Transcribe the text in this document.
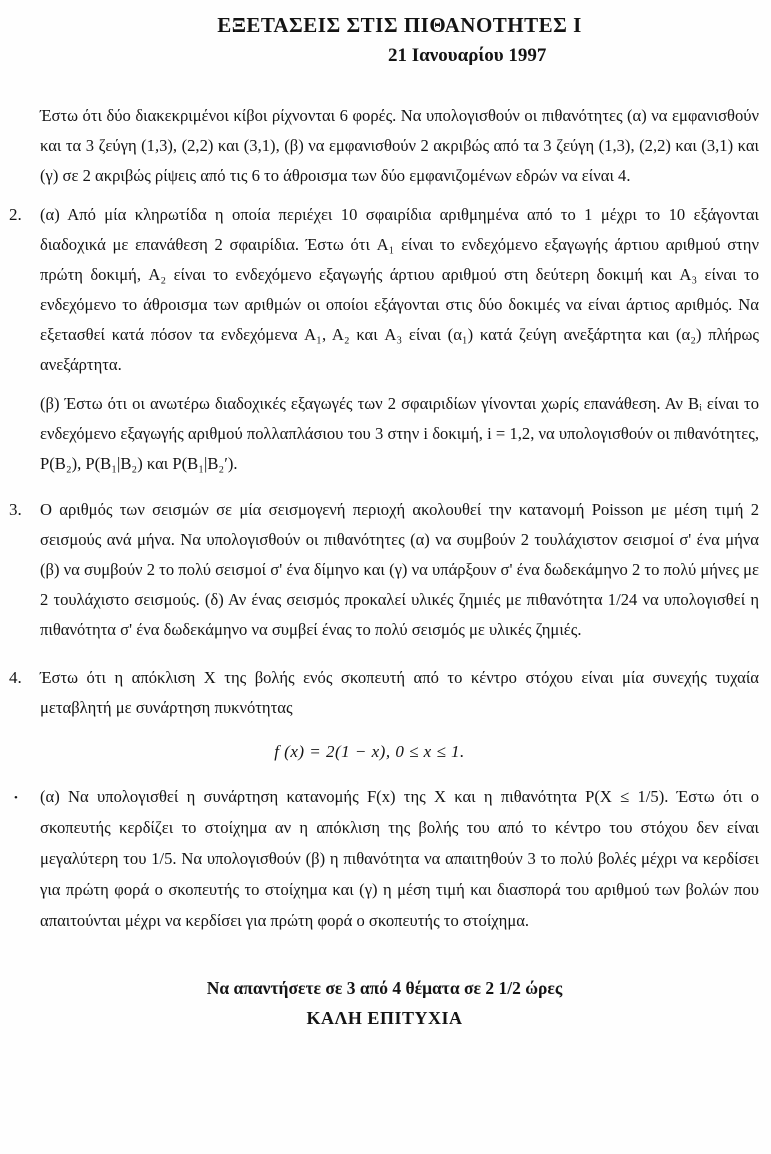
ΕΞΕΤΑΣΕΙΣ ΣΤΙΣ ΠΙΘΑΝΟΤΗΤΕΣ Ι
21 Ιανουαρίου 1997

Έστω ότι δύο διακεκριμένοι κίβοι ρίχνονται 6 φορές. Να υπολογισθούν οι πιθανότητες (α) να εμφανισθούν και τα 3 ζεύγη (1,3), (2,2) και (3,1), (β) να εμφανισθούν 2 ακριβώς από τα 3 ζεύγη (1,3), (2,2) και (3,1) και (γ) σε 2 ακριβώς ρίψεις από τις 6 το άθροισμα των δύο εμφανιζομένων εδρών να είναι 4.

2. (α) Από μία κληρωτίδα η οποία περιέχει 10 σφαιρίδια αριθμημένα από το 1 μέχρι το 10 εξάγονται διαδοχικά με επανάθεση 2 σφαιρίδια. Έστω ότι A₁ είναι το ενδεχόμενο εξαγωγής άρτιου αριθμού στην πρώτη δοκιμή, A₂ είναι το ενδεχόμενο εξαγωγής άρτιου αριθμού στη δεύτερη δοκιμή και A₃ είναι το ενδεχόμενο το άθροισμα των αριθμών οι οποίοι εξάγονται στις δύο δοκιμές να είναι άρτιος αριθμός. Να εξετασθεί κατά πόσον τα ενδεχόμενα A₁, A₂ και A₃ είναι (α₁) κατά ζεύγη ανεξάρτητα και (α₂) πλήρως ανεξάρτητα.

(β) Έστω ότι οι ανωτέρω διαδοχικές εξαγωγές των 2 σφαιριδίων γίνονται χωρίς επανάθεση. Αν Bᵢ είναι το ενδεχόμενο εξαγωγής αριθμού πολλαπλάσιου του 3 στην i δοκιμή, i = 1,2, να υπολογισθούν οι πιθανότητες, P(B₂), P(B₁|B₂) και P(B₁|B₂′).

3. Ο αριθμός των σεισμών σε μία σεισμογενή περιοχή ακολουθεί την κατανομή Poisson με μέση τιμή 2 σεισμούς ανά μήνα. Να υπολογισθούν οι πιθανότητες (α) να συμβούν 2 τουλάχιστον σεισμοί σ' ένα μήνα (β) να συμβούν 2 το πολύ σεισμοί σ' ένα δίμηνο και (γ) να υπάρξουν σ' ένα δωδεκάμηνο 2 το πολύ μήνες με 2 τουλάχιστο σεισμούς. (δ) Αν ένας σεισμός προκαλεί υλικές ζημιές με πιθανότητα 1/24 να υπολογισθεί η πιθανότητα σ' ένα δωδεκάμηνο να συμβεί ένας το πολύ σεισμός με υλικές ζημιές.

4. Έστω ότι η απόκλιση X της βολής ενός σκοπευτή από το κέντρο στόχου είναι μία συνεχής τυχαία μεταβλητή με συνάρτηση πυκνότητας

f (x) = 2(1 − x), 0 ≤ x ≤ 1.
• (α) Να υπολογισθεί η συνάρτηση κατανομής F(x) της X και η πιθανότητα P(X ≤ 1/5). Έστω ότι ο σκοπευτής κερδίζει το στοίχημα αν η απόκλιση της βολής του από το κέντρο του στόχου δεν είναι μεγαλύτερη του 1/5. Να υπολογισθούν (β) η πιθανότητα να απαιτηθούν 3 το πολύ βολές μέχρι να κερδίσει για πρώτη φορά ο σκοπευτής το στοίχημα και (γ) η μέση τιμή και διασπορά του αριθμού των βολών που απαιτούνται μέχρι να κερδίσει για πρώτη φορά ο σκοπευτής το στοίχημα.

Να απαντήσετε σε 3 από 4 θέματα σε 2 1/2 ώρες
ΚΑΛΗ ΕΠΙΤΥΧΙΑ
